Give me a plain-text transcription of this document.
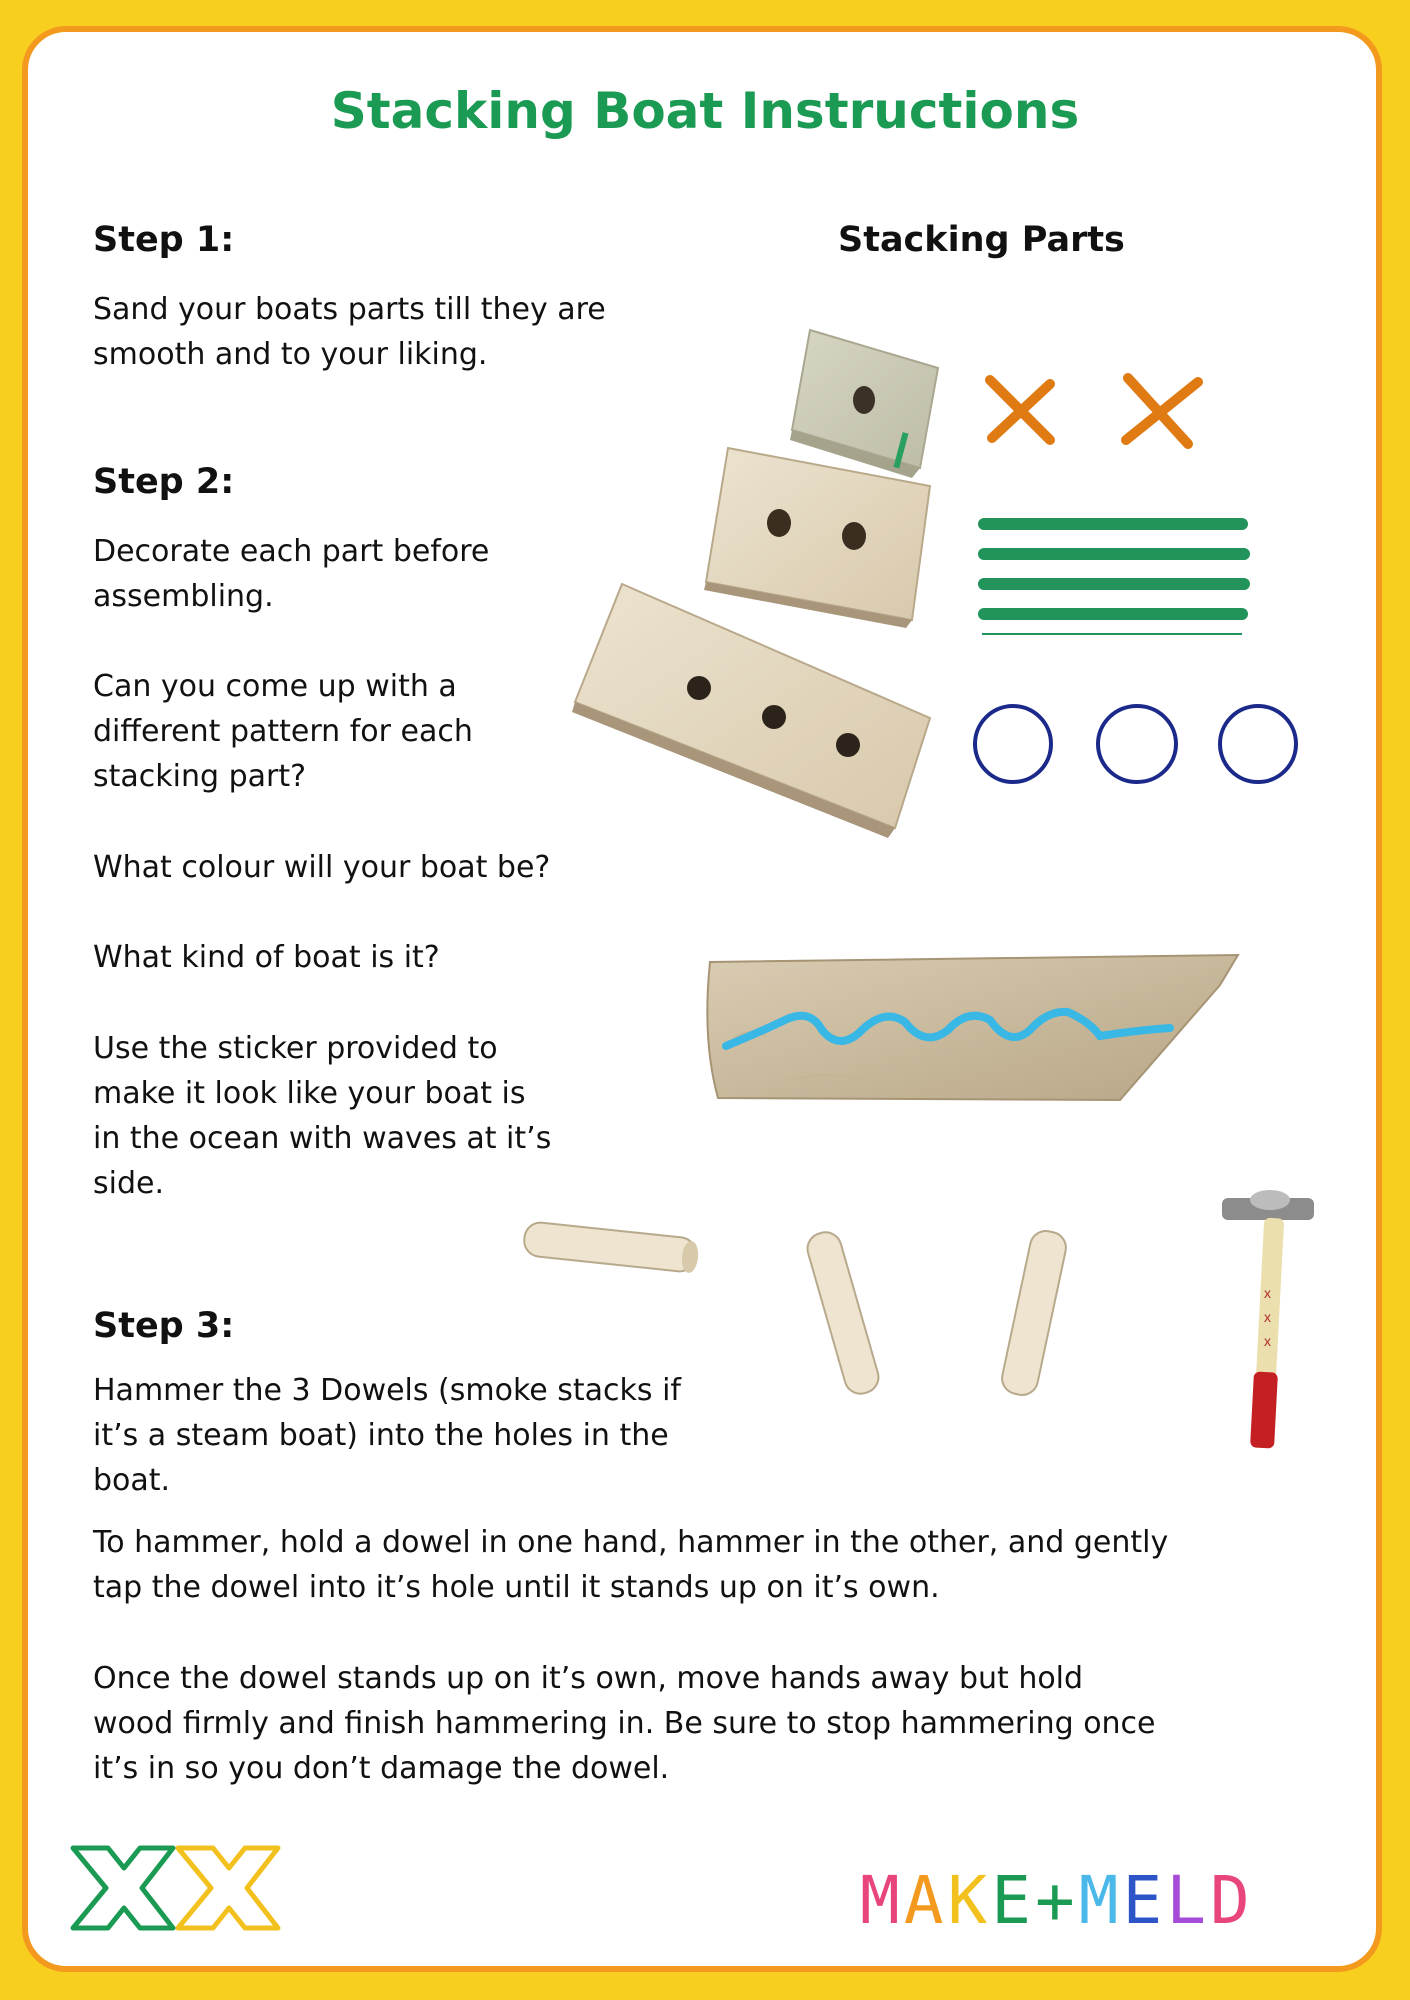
Stacking Boat Instructions
Step 1:
Sand your boats parts till they are
smooth and to your liking.
Step 2:
Decorate each part before
assembling.
Can you come up with a
different pattern for each
stacking part?
What colour will your boat be?
What kind of boat is it?
Use the sticker provided to
make it look like your boat is
in the ocean with waves at it’s
side.
Step 3:
Hammer the 3 Dowels (smoke stacks if
it’s a steam boat) into the holes in the
boat.
To hammer, hold a dowel in one hand, hammer in the other, and gently
tap the dowel into it’s hole until it stands up on it’s own.
Once the dowel stands up on it’s own, move hands away but hold
wood firmly and finish hammering in. Be sure to stop hammering once
it’s in so you don’t damage the dowel.
Stacking Parts
x
x
x
MAKE+MELD
